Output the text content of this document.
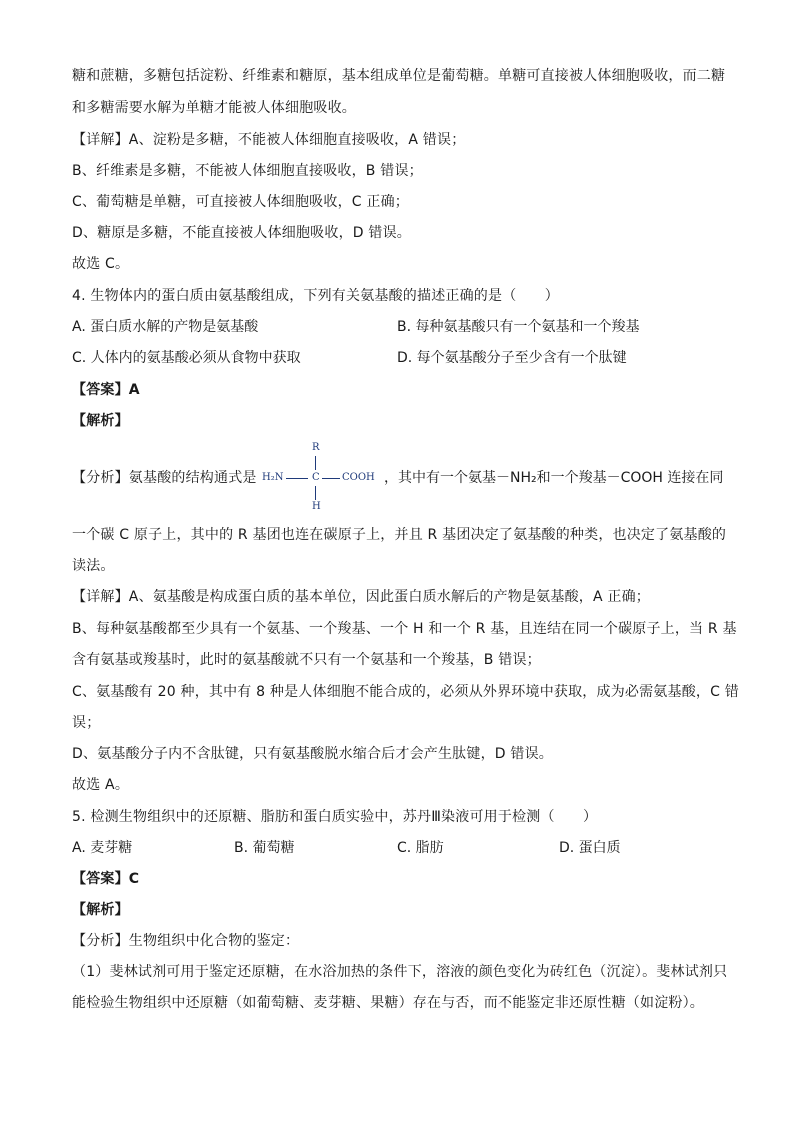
糖和蔗糖，多糖包括淀粉、纤维素和糖原，基本组成单位是葡萄糖。单糖可直接被人体细胞吸收，而二糖
和多糖需要水解为单糖才能被人体细胞吸收。
【详解】A、淀粉是多糖，不能被人体细胞直接吸收，A 错误；
B、纤维素是多糖，不能被人体细胞直接吸收，B 错误；
C、葡萄糖是单糖，可直接被人体细胞吸收，C 正确；
D、糖原是多糖，不能直接被人体细胞吸收，D 错误。
故选 C。
4. 生物体内的蛋白质由氨基酸组成，下列有关氨基酸的描述正确的是（　　）
A. 蛋白质水解的产物是氨基酸	B. 每种氨基酸只有一个氨基和一个羧基
C. 人体内的氨基酸必须从食物中获取	D. 每个氨基酸分子至少含有一个肽键
【答案】A
【解析】
【分析】氨基酸的结构通式是
R
H₂N	C COOH
H
，其中有一个氨基－NH₂和一个羧基－COOH 连接在同
一个碳 C 原子上，其中的 R 基团也连在碳原子上，并且 R 基团决定了氨基酸的种类，也决定了氨基酸的
读法。
【详解】A、氨基酸是构成蛋白质的基本单位，因此蛋白质水解后的产物是氨基酸，A 正确；
B、每种氨基酸都至少具有一个氨基、一个羧基、一个 H 和一个 R 基，且连结在同一个碳原子上，当 R 基
含有氨基或羧基时，此时的氨基酸就不只有一个氨基和一个羧基，B 错误；
C、氨基酸有 20 种，其中有 8 种是人体细胞不能合成的，必须从外界环境中获取，成为必需氨基酸，C 错
误；
D、氨基酸分子内不含肽键，只有氨基酸脱水缩合后才会产生肽键，D 错误。
故选 A。
5. 检测生物组织中的还原糖、脂肪和蛋白质实验中，苏丹Ⅲ染液可用于检测（　　）
A. 麦芽糖	B. 葡萄糖	C. 脂肪	D. 蛋白质
【答案】C
【解析】
【分析】生物组织中化合物的鉴定：
（1）斐林试剂可用于鉴定还原糖，在水浴加热的条件下，溶液的颜色变化为砖红色（沉淀）。斐林试剂只
能检验生物组织中还原糖（如葡萄糖、麦芽糖、果糖）存在与否，而不能鉴定非还原性糖（如淀粉）。
